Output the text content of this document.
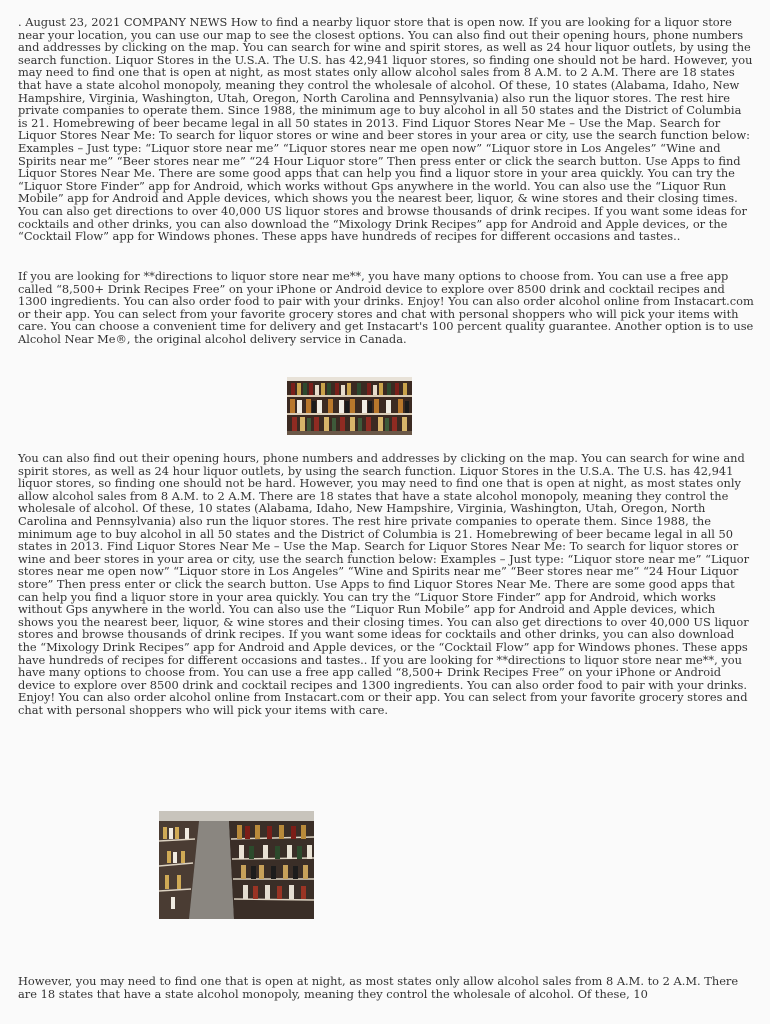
. August 23, 2021 COMPANY NEWS How to find a nearby liquor store that is open now. If you are looking for a liquor store near your location, you can use our map to see the closest options. You can also find out their opening hours, phone numbers and addresses by clicking on the map. You can search for wine and spirit stores, as well as 24 hour liquor outlets, by using the search function. Liquor Stores in the U.S.A. The U.S. has 42,941 liquor stores, so finding one should not be hard. However, you may need to find one that is open at night, as most states only allow alcohol sales from 8 A.M. to 2 A.M. There are 18 states that have a state alcohol monopoly, meaning they control the wholesale of alcohol. Of these, 10 states (Alabama, Idaho, New Hampshire, Virginia, Washington, Utah, Oregon, North Carolina and Pennsylvania) also run the liquor stores. The rest hire private companies to operate them. Since 1988, the minimum age to buy alcohol in all 50 states and the District of Columbia is 21. Homebrewing of beer became legal in all 50 states in 2013. Find Liquor Stores Near Me – Use the Map. Search for Liquor Stores Near Me: To search for liquor stores or wine and beer stores in your area or city, use the search function below: Examples – Just type: “Liquor store near me” “Liquor stores near me open now” “Liquor store in Los Angeles” “Wine and Spirits near me” “Beer stores near me” “24 Hour Liquor store” Then press enter or click the search button. Use Apps to find Liquor Stores Near Me. There are some good apps that can help you find a liquor store in your area quickly. You can try the “Liquor Store Finder” app for Android, which works without Gps anywhere in the world. You can also use the “Liquor Run Mobile” app for Android and Apple devices, which shows you the nearest beer, liquor, & wine stores and their closing times. You can also get directions to over 40,000 US liquor stores and browse thousands of drink recipes. If you want some ideas for cocktails and other drinks, you can also download the “Mixology Drink Recipes” app for Android and Apple devices, or the “Cocktail Flow” app for Windows phones. These apps have hundreds of recipes for different occasions and tastes..

If you are looking for **directions to liquor store near me**, you have many options to choose from. You can use a free app called “8,500+ Drink Recipes Free” on your iPhone or Android device to explore over 8500 drink and cocktail recipes and 1300 ingredients. You can also order food to pair with your drinks. Enjoy! You can also order alcohol online from Instacart.com or their app. You can select from your favorite grocery stores and chat with personal shoppers who will pick your items with care. You can choose a convenient time for delivery and get Instacart's 100 percent quality guarantee. Another option is to use Alcohol Near Me®, the original alcohol delivery service in Canada.

You can also find out their opening hours, phone numbers and addresses by clicking on the map. You can search for wine and spirit stores, as well as 24 hour liquor outlets, by using the search function. Liquor Stores in the U.S.A. The U.S. has 42,941 liquor stores, so finding one should not be hard. However, you may need to find one that is open at night, as most states only allow alcohol sales from 8 A.M. to 2 A.M. There are 18 states that have a state alcohol monopoly, meaning they control the wholesale of alcohol. Of these, 10 states (Alabama, Idaho, New Hampshire, Virginia, Washington, Utah, Oregon, North Carolina and Pennsylvania) also run the liquor stores. The rest hire private companies to operate them. Since 1988, the minimum age to buy alcohol in all 50 states and the District of Columbia is 21. Homebrewing of beer became legal in all 50 states in 2013. Find Liquor Stores Near Me – Use the Map. Search for Liquor Stores Near Me: To search for liquor stores or wine and beer stores in your area or city, use the search function below: Examples – Just type: “Liquor store near me” “Liquor stores near me open now” “Liquor store in Los Angeles” “Wine and Spirits near me” “Beer stores near me” “24 Hour Liquor store” Then press enter or click the search button. Use Apps to find Liquor Stores Near Me. There are some good apps that can help you find a liquor store in your area quickly. You can try the “Liquor Store Finder” app for Android, which works without Gps anywhere in the world. You can also use the “Liquor Run Mobile” app for Android and Apple devices, which shows you the nearest beer, liquor, & wine stores and their closing times. You can also get directions to over 40,000 US liquor stores and browse thousands of drink recipes. If you want some ideas for cocktails and other drinks, you can also download the “Mixology Drink Recipes” app for Android and Apple devices, or the “Cocktail Flow” app for Windows phones. These apps have hundreds of recipes for different occasions and tastes.. If you are looking for **directions to liquor store near me**, you have many options to choose from. You can use a free app called “8,500+ Drink Recipes Free” on your iPhone or Android device to explore over 8500 drink and cocktail recipes and 1300 ingredients. You can also order food to pair with your drinks. Enjoy! You can also order alcohol online from Instacart.com or their app. You can select from your favorite grocery stores and chat with personal shoppers who will pick your items with care.

However, you may need to find one that is open at night, as most states only allow alcohol sales from 8 A.M. to 2 A.M. There are 18 states that have a state alcohol monopoly, meaning they control the wholesale of alcohol. Of these, 10
